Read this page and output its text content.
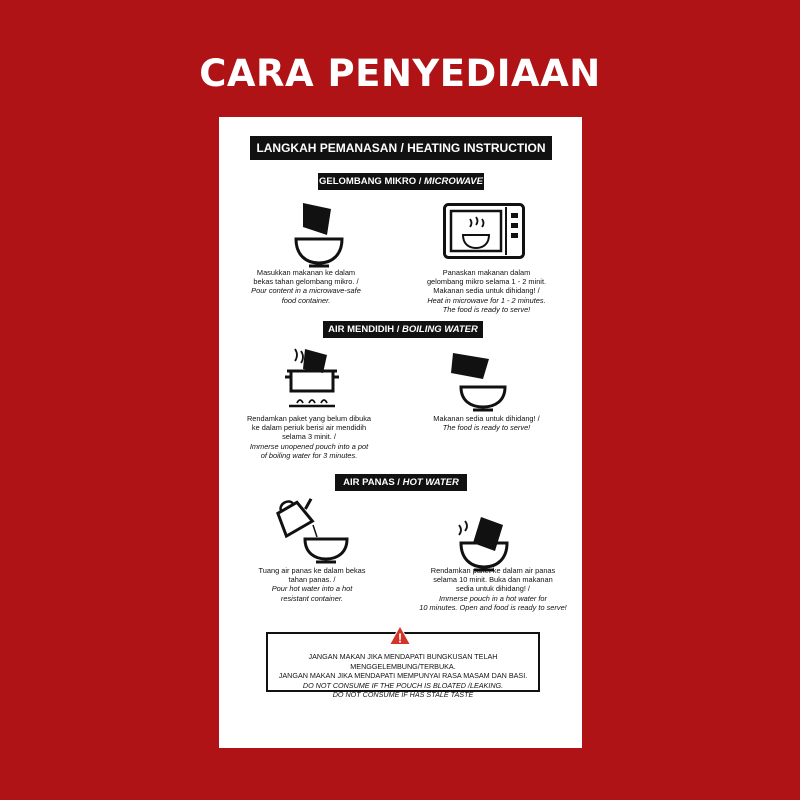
CARA PENYEDIAAN
LANGKAH PEMANASAN / HEATING INSTRUCTION
GELOMBANG MIKRO /
MICROWAVE
Masukkan makanan ke dalam
bekas tahan gelombang mikro. /
Pour content in a microwave-safe
food container.
Panaskan makanan dalam
gelombang mikro selama 1 - 2 minit.
Makanan sedia untuk dihidang! /
Heat in microwave for 1 - 2 minutes.
The food is ready to serve!
AIR MENDIDIH /
BOILING WATER
Rendamkan paket yang belum dibuka
ke dalam periuk berisi air mendidih
selama 3 minit. /
Immerse unopened pouch into a pot
of boiling water for 3 minutes.
Makanan sedia untuk dihidang! /
The food is ready to serve!
AIR PANAS /
HOT WATER
Tuang air panas ke dalam bekas
tahan panas. /
Pour hot water into a hot
resistant container.
Rendamkan paket ke dalam air panas
selama 10 minit. Buka dan makanan
sedia untuk dihidang! /
Immerse pouch in a hot water for
10 minutes. Open and food is ready to serve!
JANGAN MAKAN JIKA MENDAPATI BUNGKUSAN TELAH
MENGGELEMBUNG/TERBUKA.
JANGAN MAKAN JIKA MENDAPATI MEMPUNYAI RASA MASAM DAN BASI.
DO NOT CONSUME IF THE POUCH IS BLOATED /LEAKING.
DO NOT CONSUME IF HAS STALE TASTE
!
